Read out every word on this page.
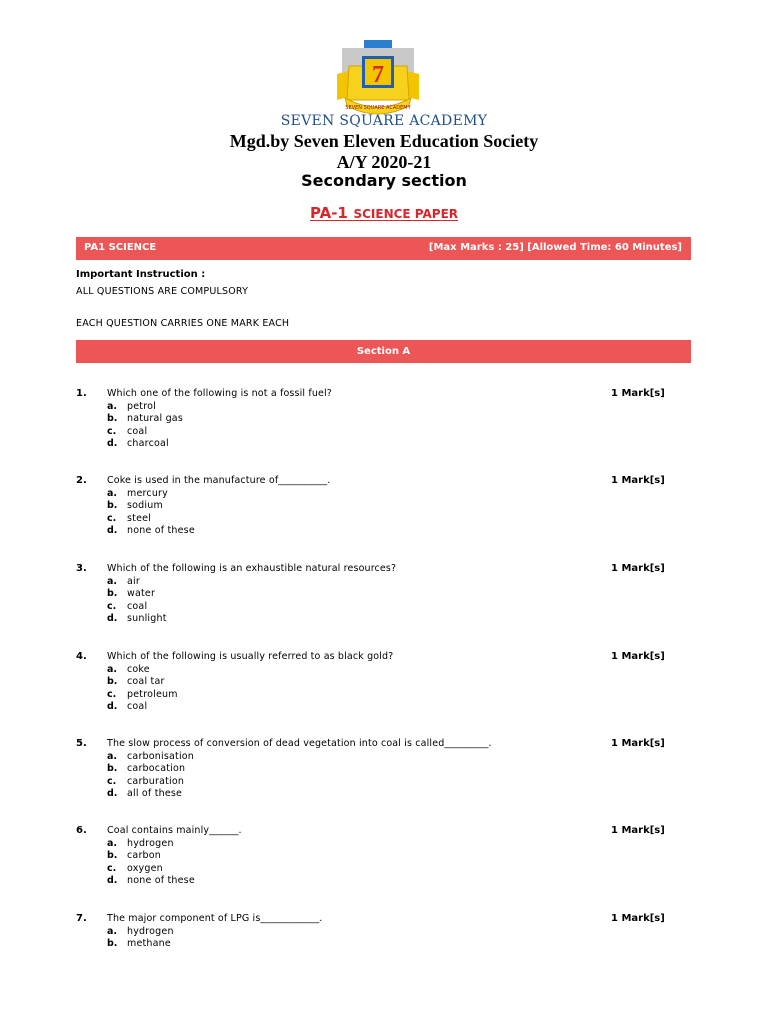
7
SEVEN SQUARE ACADEMY
SEVEN SQUARE ACADEMY
Mgd.by Seven Eleven Education Society
A/Y 2020-21
Secondary section
PA-1 SCIENCE PAPER
PA1 SCIENCE	[Max Marks : 25] [Allowed Time: 60 Minutes]
Important Instruction :
ALL QUESTIONS ARE COMPULSORY
EACH QUESTION CARRIES ONE MARK EACH
Section A
1. Which one of the following is not a fossil fuel?	1 Mark[s]
a. petrol
b. natural gas
c. coal
d. charcoal
2. Coke is used in the manufacture of__________.	1 Mark[s]
a. mercury
b. sodium
c. steel
d. none of these
3. Which of the following is an exhaustible natural resources?	1 Mark[s]
a. air
b. water
c. coal
d. sunlight
4. Which of the following is usually referred to as black gold?	1 Mark[s]
a. coke
b. coal tar
c. petroleum
d. coal
5. The slow process of conversion of dead vegetation into coal is called_________.	1 Mark[s]
a. carbonisation
b. carbocation
c. carburation
d. all of these
6. Coal contains mainly______.	1 Mark[s]
a. hydrogen
b. carbon
c. oxygen
d. none of these
7. The major component of LPG is____________.	1 Mark[s]
a. hydrogen
b. methane
